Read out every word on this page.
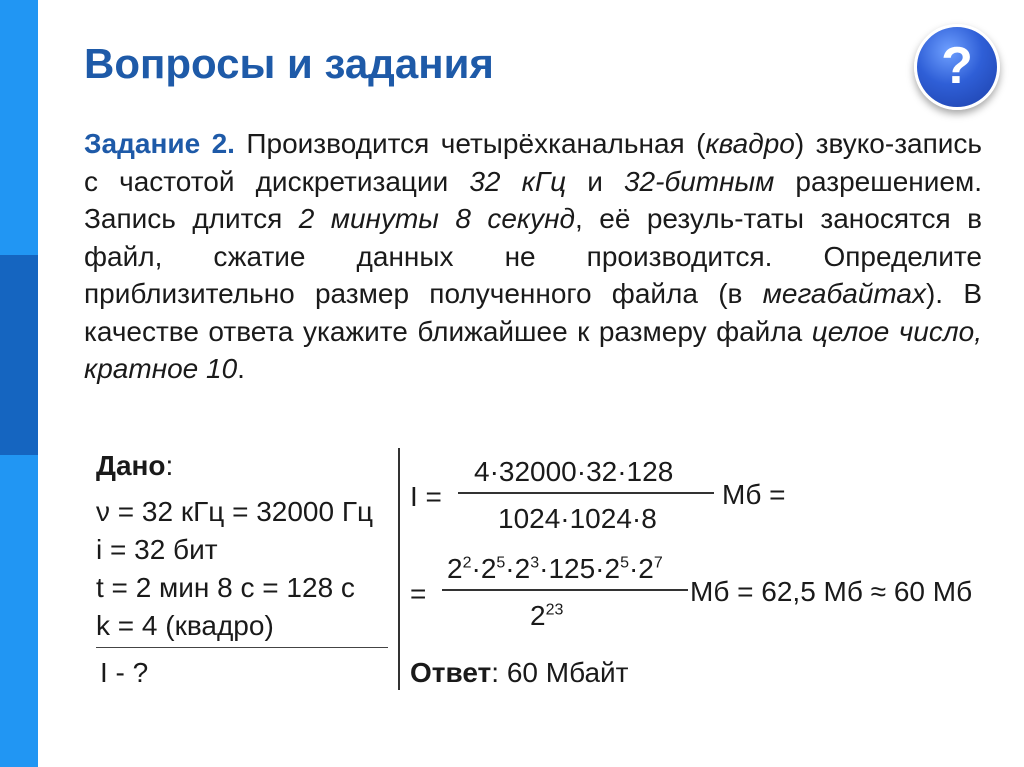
Вопросы и задания	?
Задание 2. Производится четырёхканальная (квадро) звуко-запись с частотой дискретизации 32 кГц и 32-битным разрешением. Запись длится 2 минуты 8 секунд, её резуль-таты заносятся в файл, сжатие данных не производится. Определите приблизительно размер полученного файла (в мегабайтах). В качестве ответа укажите ближайшее к размеру файла целое число, кратное 10.
Дано:
ν = 32 кГц = 32000 Гц
i = 32 бит
t = 2 мин 8 с = 128 с
k = 4 (квадро)
I - ?
I =
4·32000·32·128
1024·1024·8
Мб =
=
$2^2\cdot 2^5\cdot 2^3\cdot 125\cdot 2^5\cdot 2^7$
$2^{23}$
Мб = 62,5 Мб ≈ 60 Мб
Ответ: 60 Мбайт
